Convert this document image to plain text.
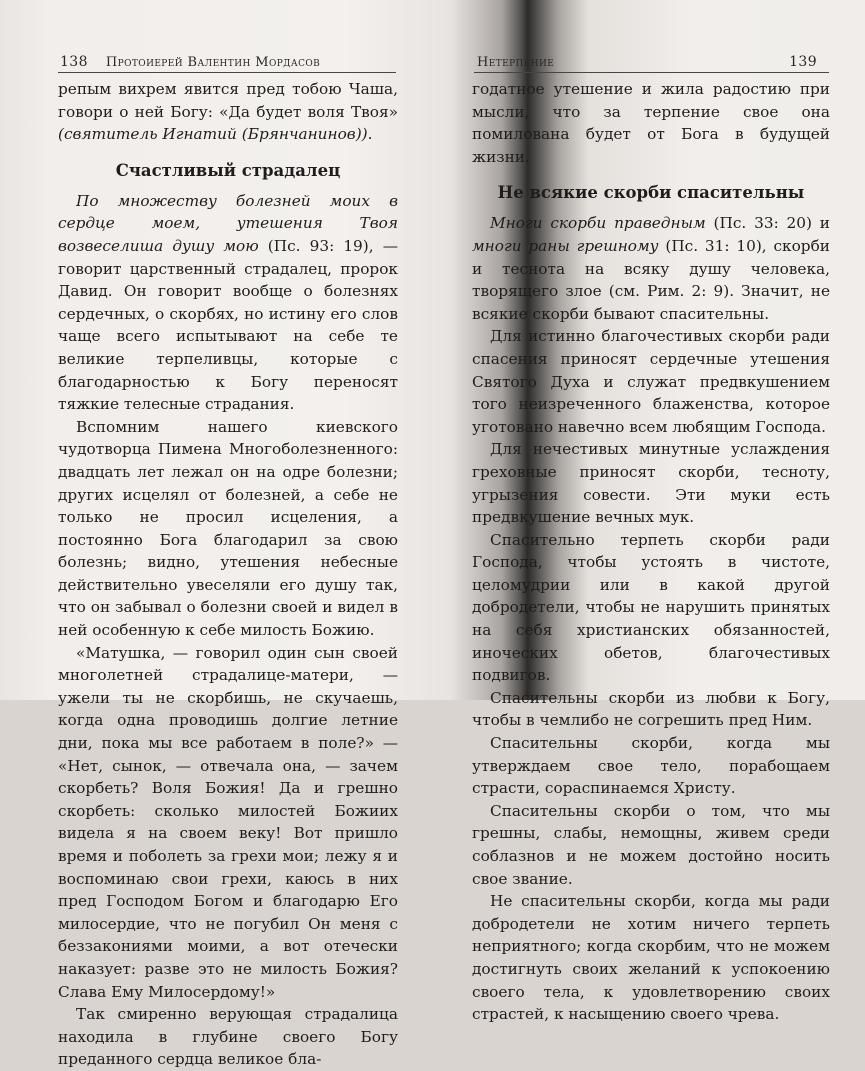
138 Протоиерей Валентин Мордасов

репым вихрем явится пред тобою Чаша, говори о ней Богу: «Да будет воля Твоя» (святитель Игнатий (Брянчанинов)).

Счастливый страдалец

По множеству болезней моих в сердце моем, утешения Твоя возвеселиша душу мою (Пс. 93: 19), — говорит царственный страдалец, пророк Давид. Он говорит вообще о болезнях сердечных, о скорбях, но истину его слов чаще всего испытывают на себе те великие терпеливцы, которые с благодарностью к Богу переносят тяжкие телесные страдания.

Вспомним нашего киевского чудотворца Пимена Многоболезненного: двадцать лет лежал он на одре болезни; других исцелял от болезней, а себе не только не просил исцеления, а постоянно Бога благодарил за свою болезнь; видно, утешения небесные действительно увеселяли его душу так, что он забывал о болезни своей и видел в ней особенную к себе милость Божию.

«Матушка, — говорил один сын своей многолетней страдалице-матери, — ужели ты не скорбишь, не скучаешь, когда одна проводишь долгие летние дни, пока мы все работаем в поле?» — «Нет, сынок, — отвечала она, — зачем скорбеть? Воля Божия! Да и грешно скорбеть: сколько милостей Божиих видела я на своем веку! Вот пришло время и поболеть за грехи мои; лежу я и воспоминаю свои грехи, каюсь в них пред Господом Богом и благодарю Его милосердие, что не погубил Он меня с беззакониями моими, а вот отечески наказует: разве это не милость Божия? Слава Ему Милосердому!»

Так смиренно верующая страдалица находила в глубине своего Богу преданного сердца великое бла-

Нетерпение	139

годатное утешение и жила радостию при мысли, что за терпение свое она помилована будет от Бога в будущей жизни.

Не всякие скорби спасительны

Многи скорби праведным (Пс. 33: 20) и многи раны грешному (Пс. 31: 10), скорби и теснота на всяку душу человека, творящего злое (см. Рим. 2: 9). Значит, не всякие скорби бывают спасительны.

Для истинно благочестивых скорби ради спасения приносят сердечные утешения Святого Духа и служат предвкушением того неизреченного блаженства, которое уготовано навечно всем любящим Господа.

Для нечестивых минутные услаждения греховные приносят скорби, тесноту, угрызения совести. Эти муки есть предвкушение вечных мук.

Спасительно терпеть скорби ради Господа, чтобы устоять в чистоте, целомудрии или в какой другой добродетели, чтобы не нарушить принятых на себя христианских обязанностей, иноческих обетов, благочестивых подвигов.

Спасительны скорби из любви к Богу, чтобы в чемлибо не согрешить пред Ним.

Спасительны скорби, когда мы утверждаем свое тело, порабощаем страсти, сораспинаемся Христу.

Спасительны скорби о том, что мы грешны, слабы, немощны, живем среди соблазнов и не можем достойно носить свое звание.

Не спасительны скорби, когда мы ради добродетели не хотим ничего терпеть неприятного; когда скорбим, что не можем достигнуть своих желаний к успокоению своего тела, к удовлетворению своих страстей, к насыщению своего чрева.
